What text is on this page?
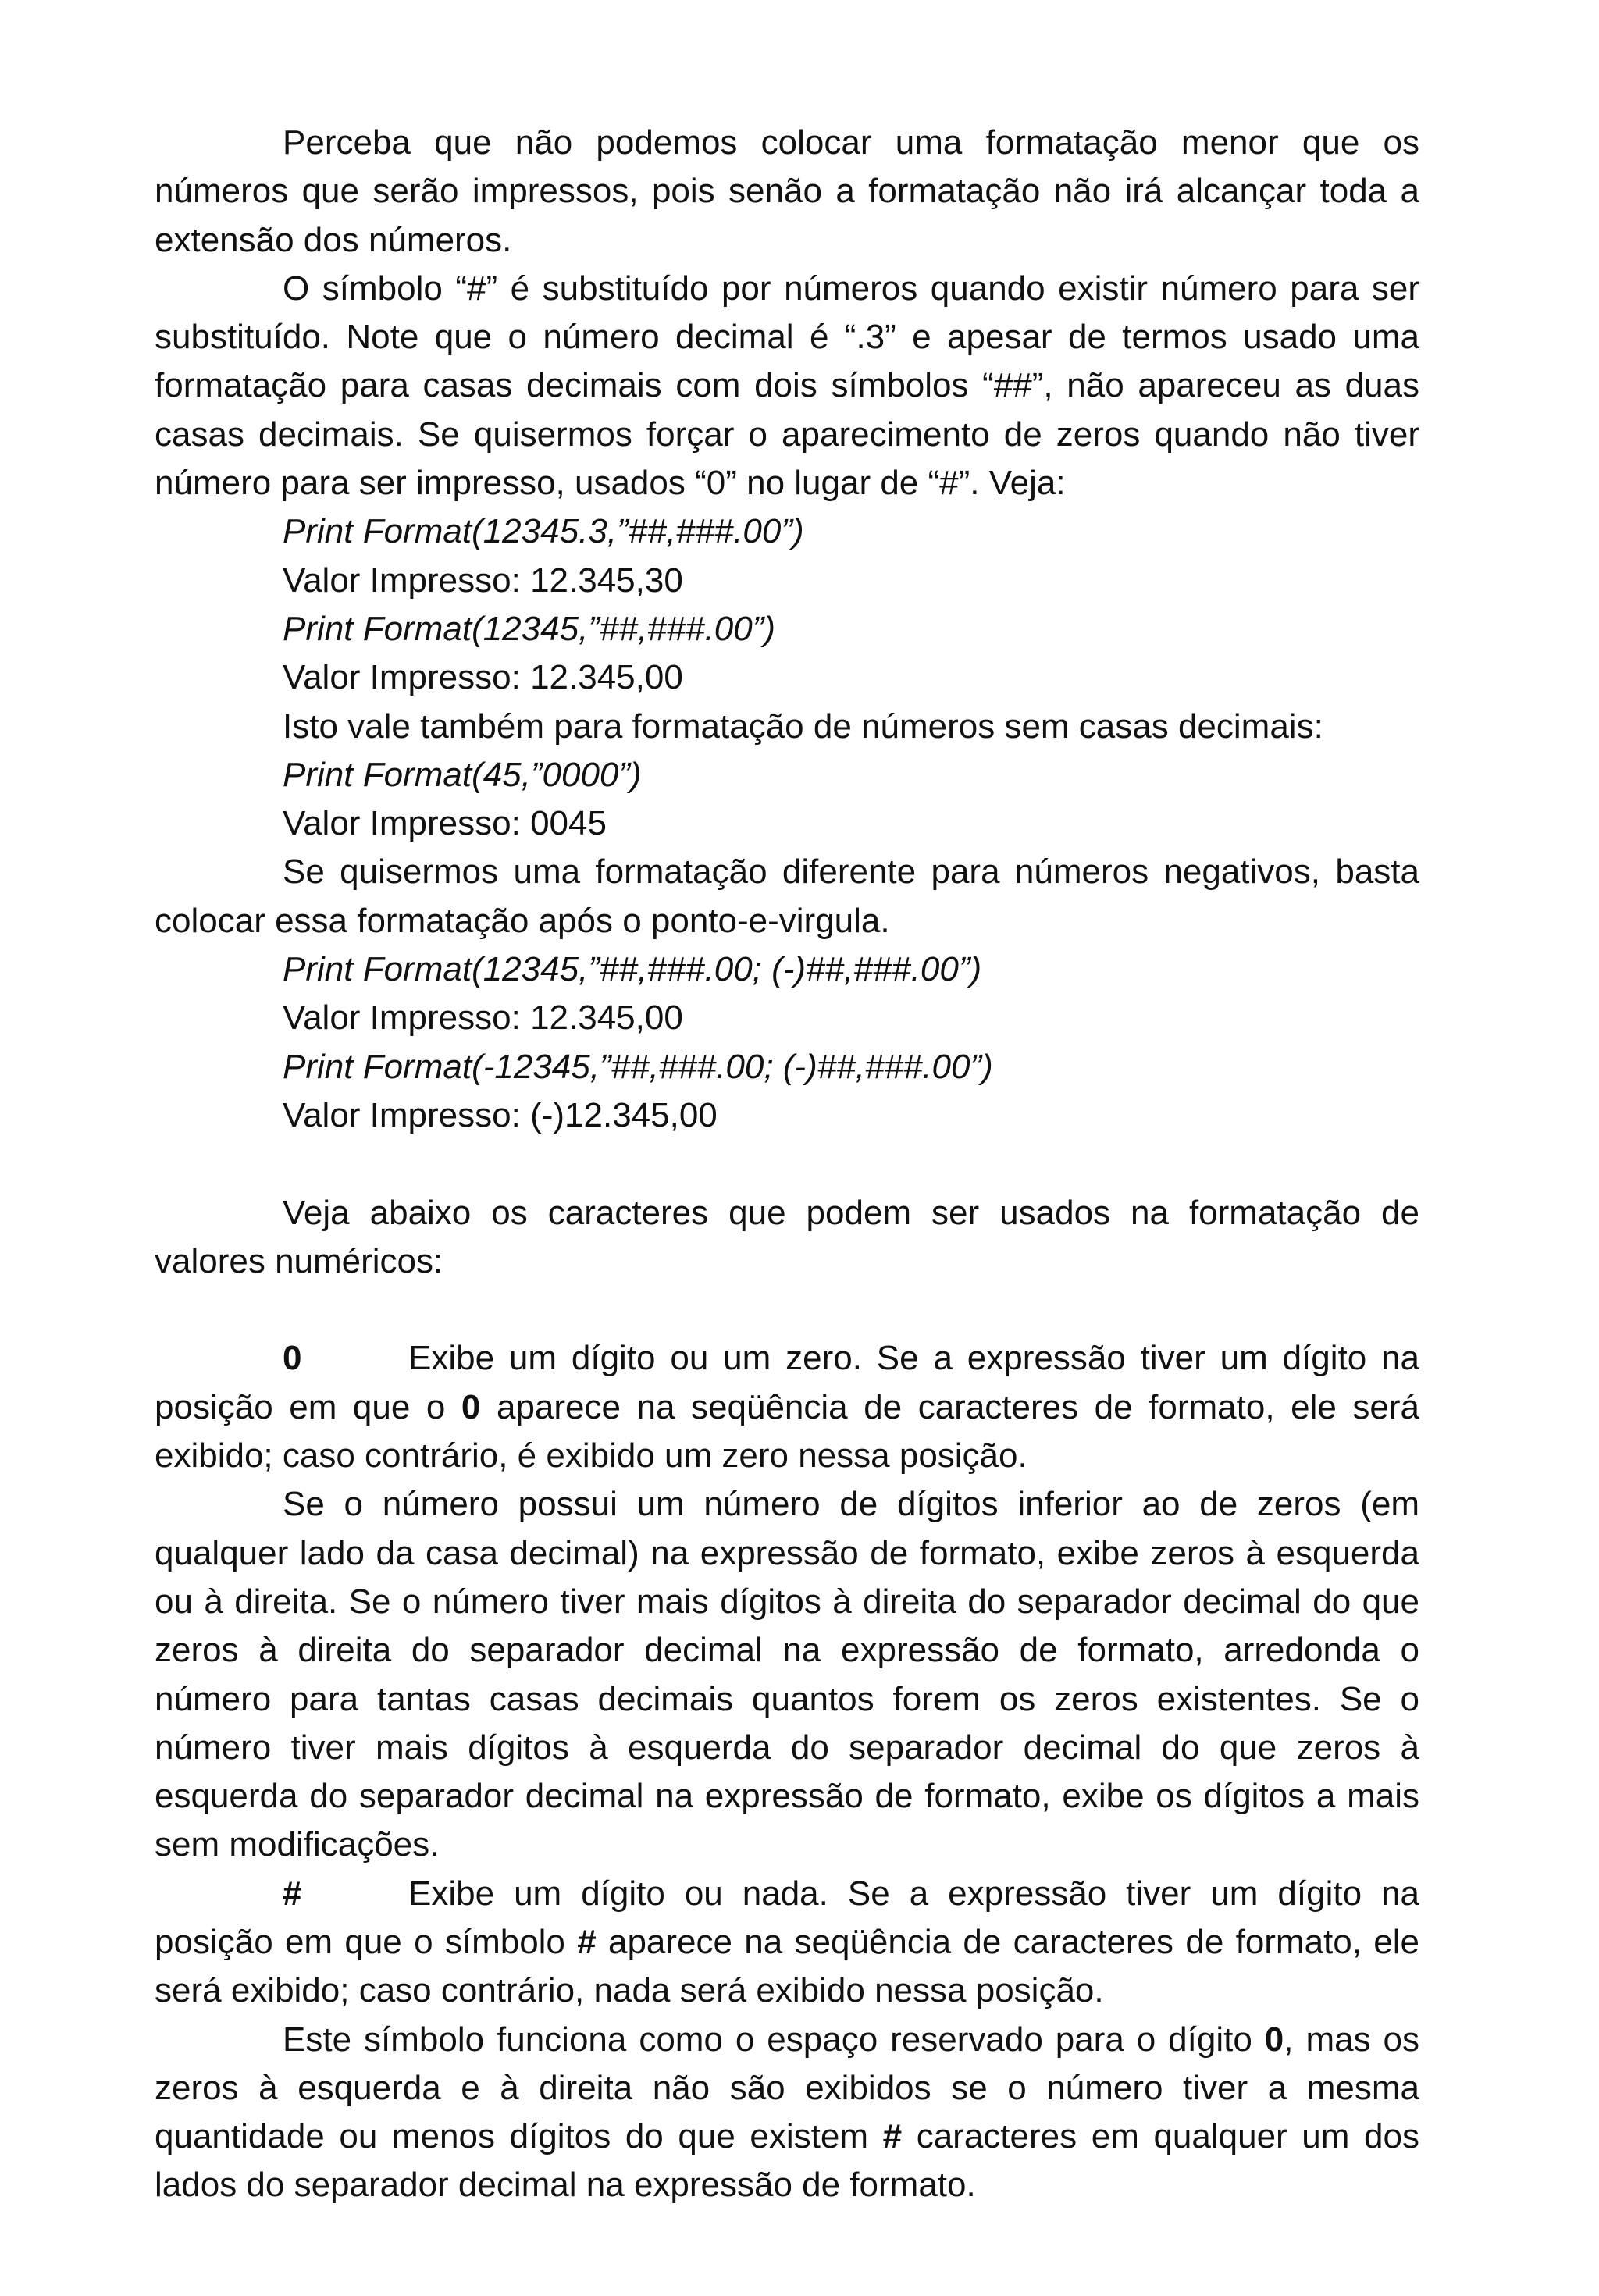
Perceba que não podemos colocar uma formatação menor que os números que serão impressos, pois senão a formatação não irá alcançar toda a extensão dos números.

O símbolo “#” é substituído por números quando existir número para ser substituído. Note que o número decimal é “.3” e apesar de termos usado uma formatação para casas decimais com dois símbolos “##”, não apareceu as duas casas decimais. Se quisermos forçar o aparecimento de zeros quando não tiver número para ser impresso, usados “0” no lugar de “#”. Veja:

Print Format(12345.3,”##,###.00”)
Valor Impresso: 12.345,30
Print Format(12345,”##,###.00”)
Valor Impresso: 12.345,00
Isto vale também para formatação de números sem casas decimais:
Print Format(45,”0000”)
Valor Impresso: 0045

Se quisermos uma formatação diferente para números negativos, basta colocar essa formatação após o ponto-e-virgula.

Print Format(12345,”##,###.00; (-)##,###.00”)
Valor Impresso: 12.345,00
Print Format(-12345,”##,###.00; (-)##,###.00”)
Valor Impresso: (-)12.345,00

Veja abaixo os caracteres que podem ser usados na formatação de valores numéricos:

0	Exibe um dígito ou um zero. Se a expressão tiver um dígito na posição em que o 0 aparece na seqüência de caracteres de formato, ele será exibido; caso contrário, é exibido um zero nessa posição.

Se o número possui um número de dígitos inferior ao de zeros (em qualquer lado da casa decimal) na expressão de formato, exibe zeros à esquerda ou à direita. Se o número tiver mais dígitos à direita do separador decimal do que zeros à direita do separador decimal na expressão de formato, arredonda o número para tantas casas decimais quantos forem os zeros existentes. Se o número tiver mais dígitos à esquerda do separador decimal do que zeros à esquerda do separador decimal na expressão de formato, exibe os dígitos a mais sem modificações.

#	Exibe um dígito ou nada. Se a expressão tiver um dígito na posição em que o símbolo # aparece na seqüência de caracteres de formato, ele será exibido; caso contrário, nada será exibido nessa posição.

Este símbolo funciona como o espaço reservado para o dígito 0, mas os zeros à esquerda e à direita não são exibidos se o número tiver a mesma quantidade ou menos dígitos do que existem # caracteres em qualquer um dos lados do separador decimal na expressão de formato.
